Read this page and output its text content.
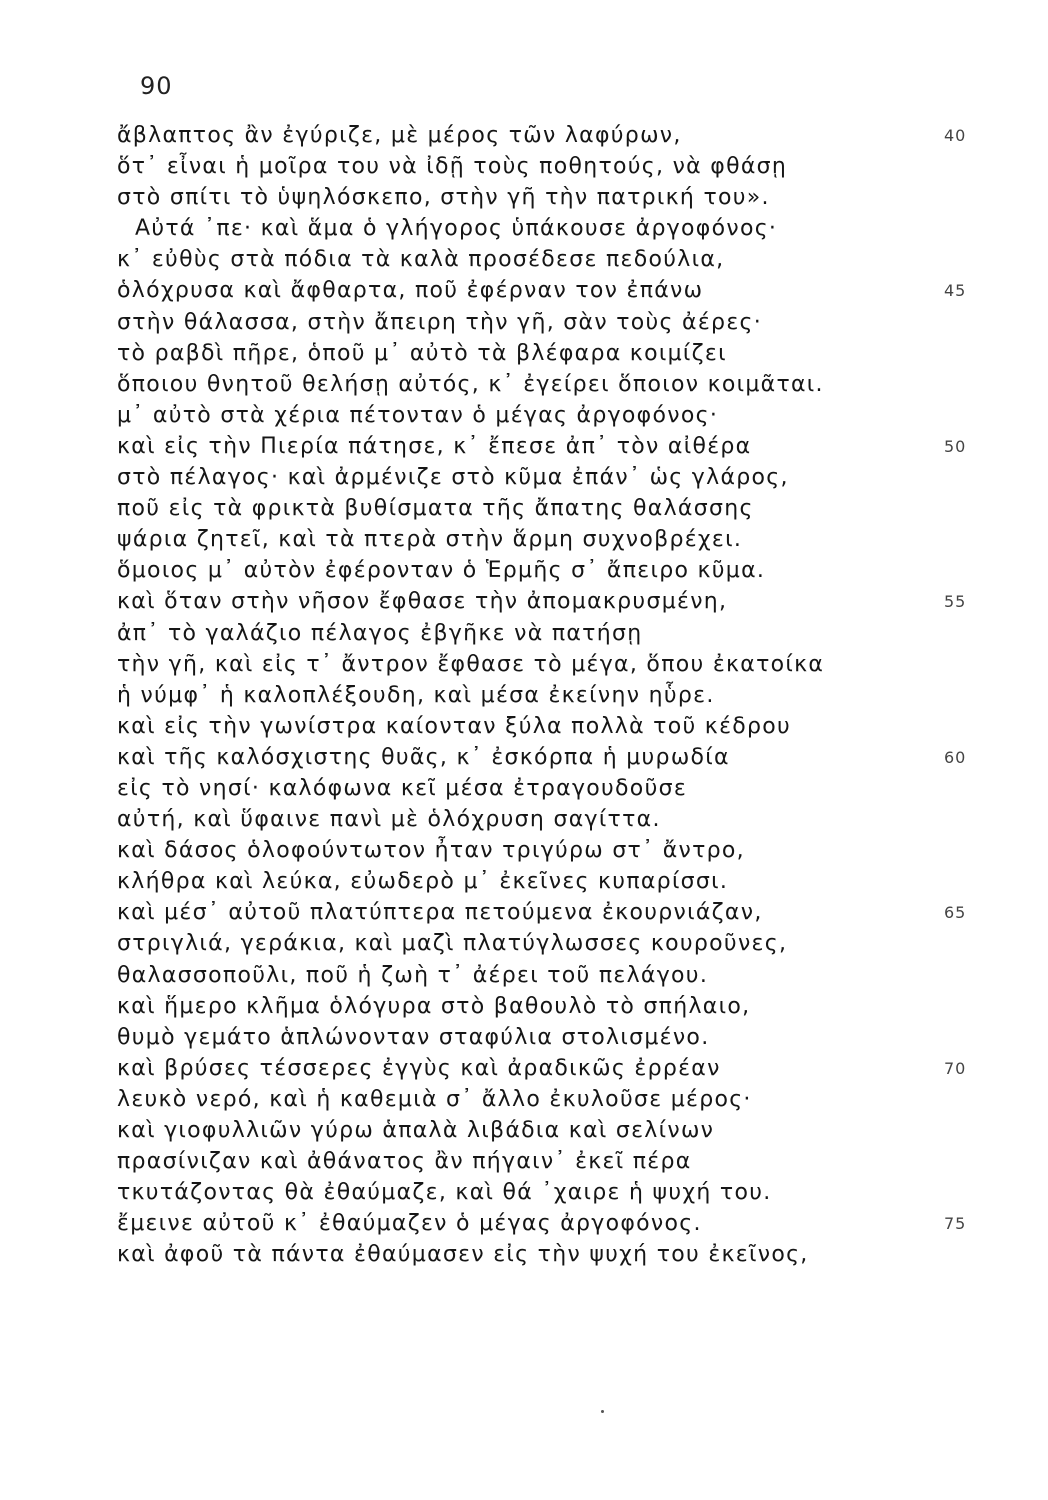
90
ἄβλαπτος ἂν ἐγύριζε, μὲ μέρος τῶν λαφύρων,	40
ὅτ᾽ εἶναι ἡ μοῖρα του νὰ ἰδῇ τοὺς ποθητούς, νὰ φθάσῃ
στὸ σπίτι τὸ ὑψηλόσκεπο, στὴν γῆ τὴν πατρική του».
Αὐτά ᾽πε· καὶ ἅμα ὁ γλήγορος ὑπάκουσε ἀργοφόνος·
κ᾽ εὐθὺς στὰ πόδια τὰ καλὰ προσέδεσε πεδούλια,
ὁλόχρυσα καὶ ἄφθαρτα, ποῦ ἐφέρναν τον ἐπάνω	45
στὴν θάλασσα, στὴν ἄπειρη τὴν γῆ, σὰν τοὺς ἀέρες·
τὸ ραβδὶ πῆρε, ὁποῦ μ᾽ αὐτὸ τὰ βλέφαρα κοιμίζει
ὅποιου θνητοῦ θελήσῃ αὐτός, κ᾽ ἐγείρει ὅποιον κοιμᾶται.
μ᾽ αὐτὸ στὰ χέρια πέτονταν ὁ μέγας ἀργοφόνος·
καὶ εἰς τὴν Πιερία πάτησε, κ᾽ ἔπεσε ἀπ᾽ τὸν αἰθέρα	50
στὸ πέλαγος· καὶ ἀρμένιζε στὸ κῦμα ἐπάν᾽ ὡς γλάρος,
ποῦ εἰς τὰ φρικτὰ βυθίσματα τῆς ἄπατης θαλάσσης
ψάρια ζητεῖ, καὶ τὰ πτερὰ στὴν ἅρμη συχνοβρέχει.
ὅμοιος μ᾽ αὐτὸν ἐφέρονταν ὁ Ἑρμῆς σ᾽ ἄπειρο κῦμα.
καὶ ὅταν στὴν νῆσον ἔφθασε τὴν ἀπομακρυσμένη,	55
ἀπ᾽ τὸ γαλάζιο πέλαγος ἐβγῆκε νὰ πατήσῃ
τὴν γῆ, καὶ εἰς τ᾽ ἄντρον ἔφθασε τὸ μέγα, ὅπου ἐκατοίκα
ἡ νύμφ᾽ ἡ καλοπλέξουδη, καὶ μέσα ἐκείνην ηὗρε.
καὶ εἰς τὴν γωνίστρα καίονταν ξύλα πολλὰ τοῦ κέδρου
καὶ τῆς καλόσχιστης θυᾶς, κ᾽ ἐσκόρπα ἡ μυρωδία	60
εἰς τὸ νησί· καλόφωνα κεῖ μέσα ἐτραγουδοῦσε
αὐτή, καὶ ὕφαινε πανὶ μὲ ὁλόχρυση σαγίττα.
καὶ δάσος ὁλοφούντωτον ἦταν τριγύρω στ᾽ ἄντρο,
κλήθρα καὶ λεύκα, εὐωδερὸ μ᾽ ἐκεῖνες κυπαρίσσι.
καὶ μέσ᾽ αὐτοῦ πλατύπτερα πετούμενα ἐκουρνιάζαν,	65
στριγλιά, γεράκια, καὶ μαζὶ πλατύγλωσσες κουροῦνες,
θαλασσοποῦλι, ποῦ ἡ ζωὴ τ᾽ ἀέρει τοῦ πελάγου.
καὶ ἥμερο κλῆμα ὁλόγυρα στὸ βαθουλὸ τὸ σπήλαιο,
θυμὸ γεμάτο ἁπλώνονταν σταφύλια στολισμένο.
καὶ βρύσες τέσσερες ἐγγὺς καὶ ἀραδικῶς ἐρρέαν	70
λευκὸ νερό, καὶ ἡ καθεμιὰ σ᾽ ἄλλο ἐκυλοῦσε μέρος·
καὶ γιοφυλλιῶν γύρω ἁπαλὰ λιβάδια καὶ σελίνων
πρασίνιζαν καὶ ἀθάνατος ἂν πήγαιν᾽ ἐκεῖ πέρα
τκυτάζοντας θὰ ἐθαύμαζε, καὶ θά ᾽χαιρε ἡ ψυχή του.
ἔμεινε αὐτοῦ κ᾽ ἐθαύμαζεν ὁ μέγας ἀργοφόνος.	75
καὶ ἀφοῦ τὰ πάντα ἐθαύμασεν εἰς τὴν ψυχή του ἐκεῖνος,
